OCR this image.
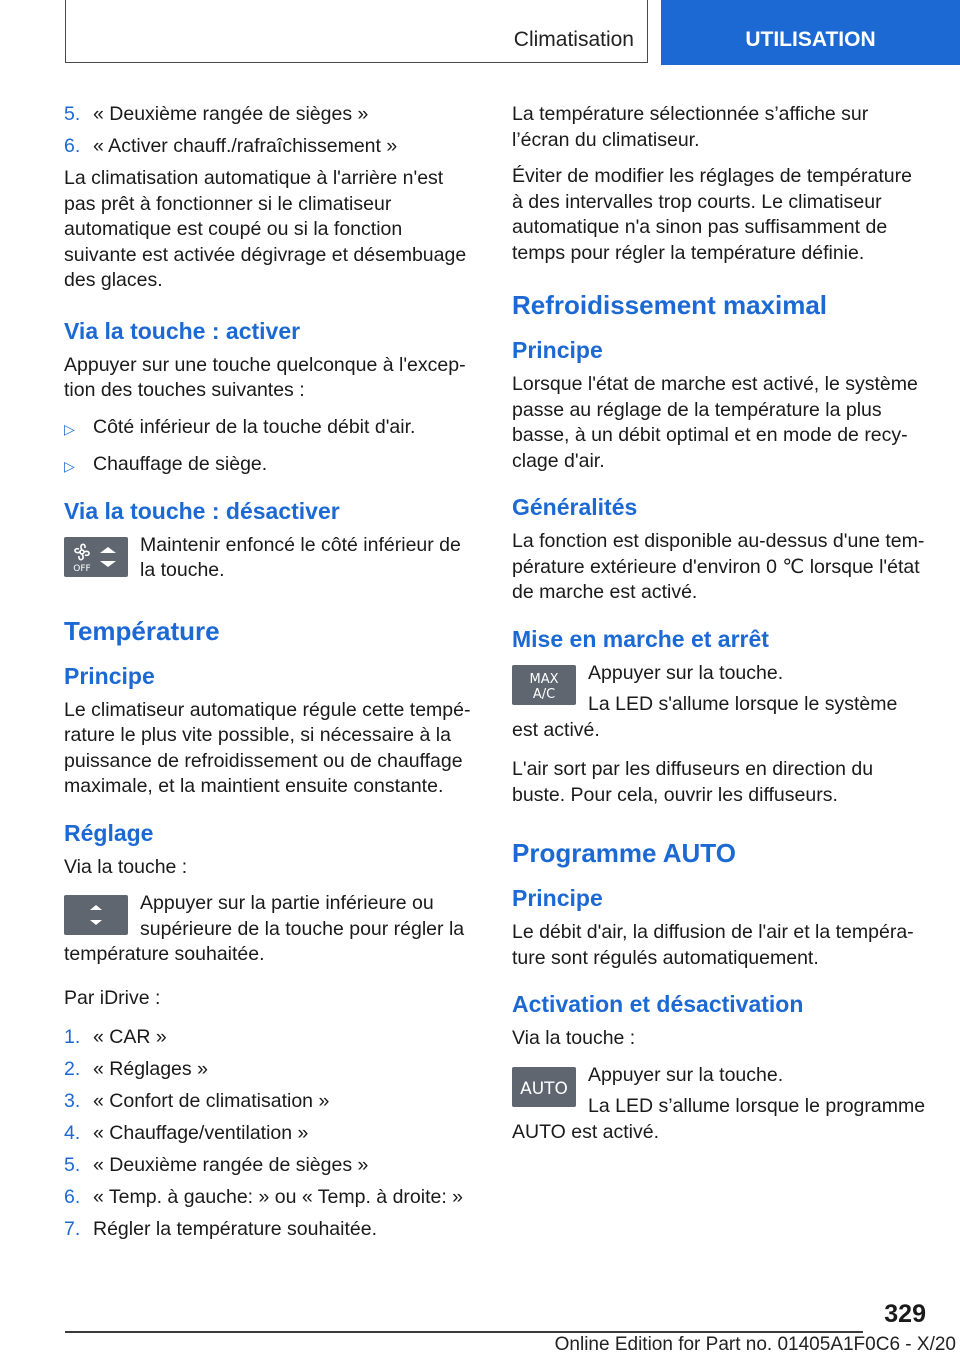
Climatisation	UTILISATION
5. « Deuxième rangée de sièges »
6. « Activer chauff./rafraîchissement »

La climatisation automatique à l'arrière n'est pas prêt à fonctionner si le climatiseur automatique est coupé ou si la fonction suivante est activée dégivrage et désembuage des glaces.

Via la touche : activer

Appuyer sur une touche quelconque à l'exception des touches suivantes :

▷ Côté inférieur de la touche débit d'air.
▷ Chauffage de siège.
Via la touche : désactiver
OFF

Maintenir enfoncé le côté inférieur de la touche.

Température
Principe

Le climatiseur automatique régule cette température le plus vite possible, si nécessaire à la puissance de refroidissement ou de chauffage maximale, et la maintient ensuite constante.

Réglage

Via la touche :

Appuyer sur la partie inférieure ou supérieure de la touche pour régler la température souhaitée.

Par iDrive :

1. « CAR »
2. « Réglages »
3. « Confort de climatisation »
4. « Chauffage/ventilation »
5. « Deuxième rangée de sièges »
6. « Temp. à gauche: » ou « Temp. à droite: »
7. Régler la température souhaitée.

La température sélectionnée s’affiche sur l’écran du climatiseur.

Éviter de modifier les réglages de température à des intervalles trop courts. Le climatiseur automatique n'a sinon pas suffisamment de temps pour régler la température définie.

Refroidissement maximal
Principe

Lorsque l'état de marche est activé, le système passe au réglage de la température la plus basse, à un débit optimal et en mode de recyclage d'air.

Généralités

La fonction est disponible au-dessus d'une température extérieure d'environ 0 ℃ lorsque l'état de marche est activé.

Mise en marche et arrêt
MAX
A/C

Appuyer sur la touche.

La LED s'allume lorsque le système est activé.

L'air sort par les diffuseurs en direction du buste. Pour cela, ouvrir les diffuseurs.

Programme AUTO
Principe

Le débit d'air, la diffusion de l'air et la température sont régulés automatiquement.

Activation et désactivation

Via la touche :

AUTO

Appuyer sur la touche.

La LED s’allume lorsque le programme AUTO est activé.

329
Online Edition for Part no. 01405A1F0C6 - X/20
